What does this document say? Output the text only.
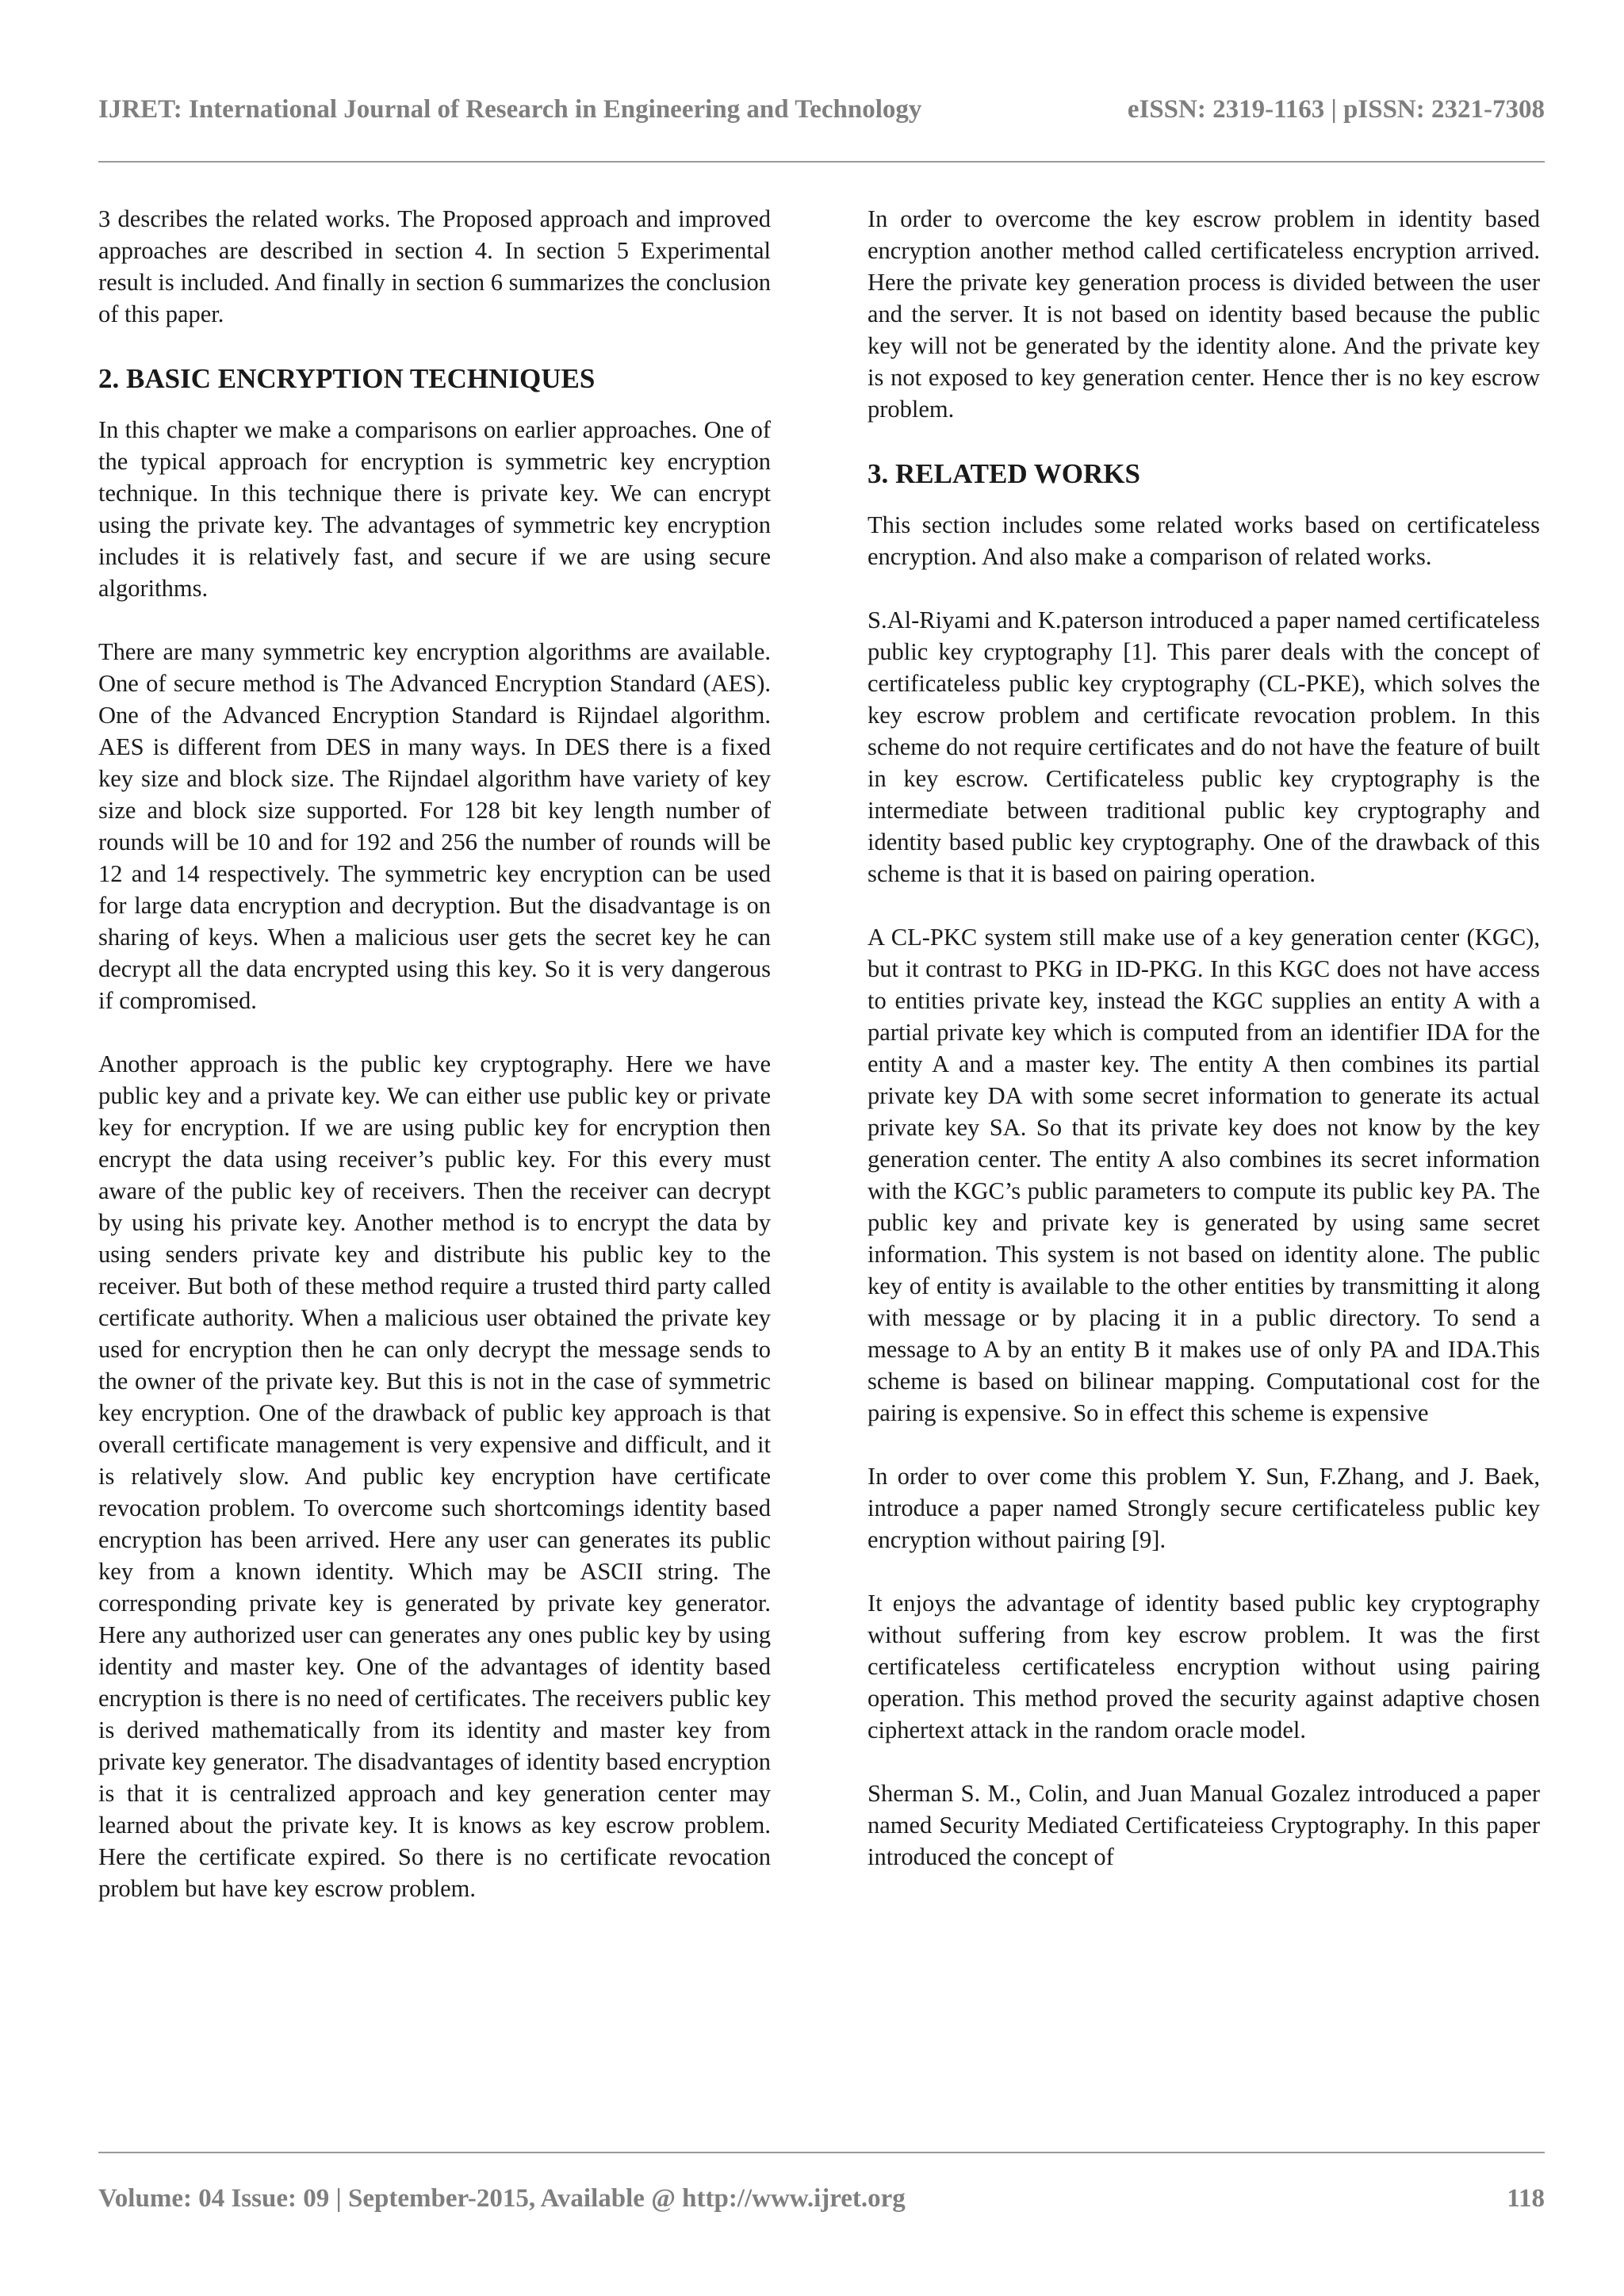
IJRET: International Journal of Research in Engineering and Technology	eISSN: 2319-1163 | pISSN: 2321-7308

3 describes the related works. The Proposed approach and improved approaches are described in section 4. In section 5 Experimental result is included. And finally in section 6 summarizes the conclusion of this paper.

2. BASIC ENCRYPTION TECHNIQUES

In this chapter we make a comparisons on earlier approaches. One of the typical approach for encryption is symmetric key encryption technique. In this technique there is private key. We can encrypt using the private key. The advantages of symmetric key encryption includes it is relatively fast, and secure if we are using secure algorithms.

There are many symmetric key encryption algorithms are available. One of secure method is The Advanced Encryption Standard (AES). One of the Advanced Encryption Standard is Rijndael algorithm. AES is different from DES in many ways. In DES there is a fixed key size and block size. The Rijndael algorithm have variety of key size and block size supported. For 128 bit key length number of rounds will be 10 and for 192 and 256 the number of rounds will be 12 and 14 respectively. The symmetric key encryption can be used for large data encryption and decryption. But the disadvantage is on sharing of keys. When a malicious user gets the secret key he can decrypt all the data encrypted using this key. So it is very dangerous if compromised.

Another approach is the public key cryptography. Here we have public key and a private key. We can either use public key or private key for encryption. If we are using public key for encryption then encrypt the data using receiver’s public key. For this every must aware of the public key of receivers. Then the receiver can decrypt by using his private key. Another method is to encrypt the data by using senders private key and distribute his public key to the receiver. But both of these method require a trusted third party called certificate authority. When a malicious user obtained the private key used for encryption then he can only decrypt the message sends to the owner of the private key. But this is not in the case of symmetric key encryption. One of the drawback of public key approach is that overall certificate management is very expensive and difficult, and it is relatively slow. And public key encryption have certificate revocation problem. To overcome such shortcomings identity based encryption has been arrived. Here any user can generates its public key from a known identity. Which may be ASCII string. The corresponding private key is generated by private key generator. Here any authorized user can generates any ones public key by using identity and master key. One of the advantages of identity based encryption is there is no need of certificates. The receivers public key is derived mathematically from its identity and master key from private key generator. The disadvantages of identity based encryption is that it is centralized approach and key generation center may learned about the private key. It is knows as key escrow problem. Here the certificate expired. So there is no certificate revocation problem but have key escrow problem.

In order to overcome the key escrow problem in identity based encryption another method called certificateless encryption arrived. Here the private key generation process is divided between the user and the server. It is not based on identity based because the public key will not be generated by the identity alone. And the private key is not exposed to key generation center. Hence ther is no key escrow problem.

3. RELATED WORKS

This section includes some related works based on certificateless encryption. And also make a comparison of related works.

S.Al-Riyami and K.paterson introduced a paper named certificateless public key cryptography [1]. This parer deals with the concept of certificateless public key cryptography (CL-PKE), which solves the key escrow problem and certificate revocation problem. In this scheme do not require certificates and do not have the feature of built in key escrow. Certificateless public key cryptography is the intermediate between traditional public key cryptography and identity based public key cryptography. One of the drawback of this scheme is that it is based on pairing operation.

A CL-PKC system still make use of a key generation center (KGC), but it contrast to PKG in ID-PKG. In this KGC does not have access to entities private key, instead the KGC supplies an entity A with a partial private key which is computed from an identifier IDA for the entity A and a master key. The entity A then combines its partial private key DA with some secret information to generate its actual private key SA. So that its private key does not know by the key generation center. The entity A also combines its secret information with the KGC’s public parameters to compute its public key PA. The public key and private key is generated by using same secret information. This system is not based on identity alone. The public key of entity is available to the other entities by transmitting it along with message or by placing it in a public directory. To send a message to A by an entity B it makes use of only PA and IDA.This scheme is based on bilinear mapping. Computational cost for the pairing is expensive. So in effect this scheme is expensive

In order to over come this problem Y. Sun, F.Zhang, and J. Baek, introduce a paper named Strongly secure certificateless public key encryption without pairing [9].

It enjoys the advantage of identity based public key cryptography without suffering from key escrow problem. It was the first certificateless certificateless encryption without using pairing operation. This method proved the security against adaptive chosen ciphertext attack in the random oracle model.

Sherman S. M., Colin, and Juan Manual Gozalez introduced a paper named Security Mediated Certificateiess Cryptography. In this paper introduced the concept of

Volume: 04 Issue: 09 | September-2015, Available @ http://www.ijret.org	118
